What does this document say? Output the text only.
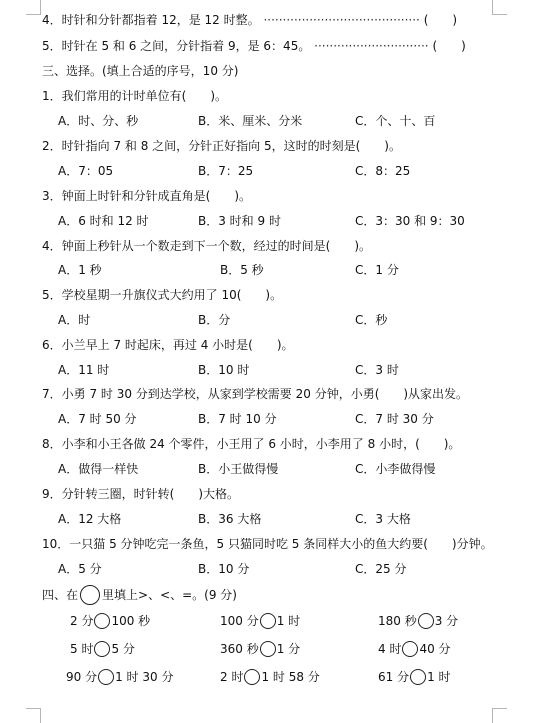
4．时针和分针都指着 12，是 12 时整。 ········································· (　　)
5．时针在 5 和 6 之间，分针指着 9，是 6：45。 ······························ (　　)
三、选择。(填上合适的序号，10 分)
1．我们常用的计时单位有(　　)。
A．时、分、秒	B．米、厘米、分米	C．个、十、百
2．时针指向 7 和 8 之间，分针正好指向 5，这时的时刻是(　　)。
A．7：05	B．7：25	C．8：25
3．钟面上时针和分针成直角是(　　)。
A．6 时和 12 时	B．3 时和 9 时	C．3：30 和 9：30
4．钟面上秒针从一个数走到下一个数，经过的时间是(　　)。
A．1 秒	B．5 秒	C．1 分
5．学校星期一升旗仪式大约用了 10(　　)。
A．时	B．分	C．秒
6．小兰早上 7 时起床，再过 4 小时是(　　)。
A．11 时	B．10 时	C．3 时
7．小勇 7 时 30 分到达学校，从家到学校需要 20 分钟，小勇(　　)从家出发。
A．7 时 50 分	B．7 时 10 分	C．7 时 30 分
8．小李和小王各做 24 个零件，小王用了 6 小时，小李用了 8 小时，(　　)。
A．做得一样快	B．小王做得慢	C．小李做得慢
9．分针转三圈，时针转(　　)大格。
A．12 大格	B．36 大格	C．3 大格
10．一只猫 5 分钟吃完一条鱼，5 只猫同时吃 5 条同样大小的鱼大约要(　　)分钟。
A．5 分	B．10 分	C．25 分
四、在 里填上>、<、=。(9 分)
2 分 100 秒	100 分 1 时	180 秒 3 分
5 时 5 分	360 秒 1 分	4 时 40 分
90 分 1 时 30 分	2 时 1 时 58 分	61 分 1 时
